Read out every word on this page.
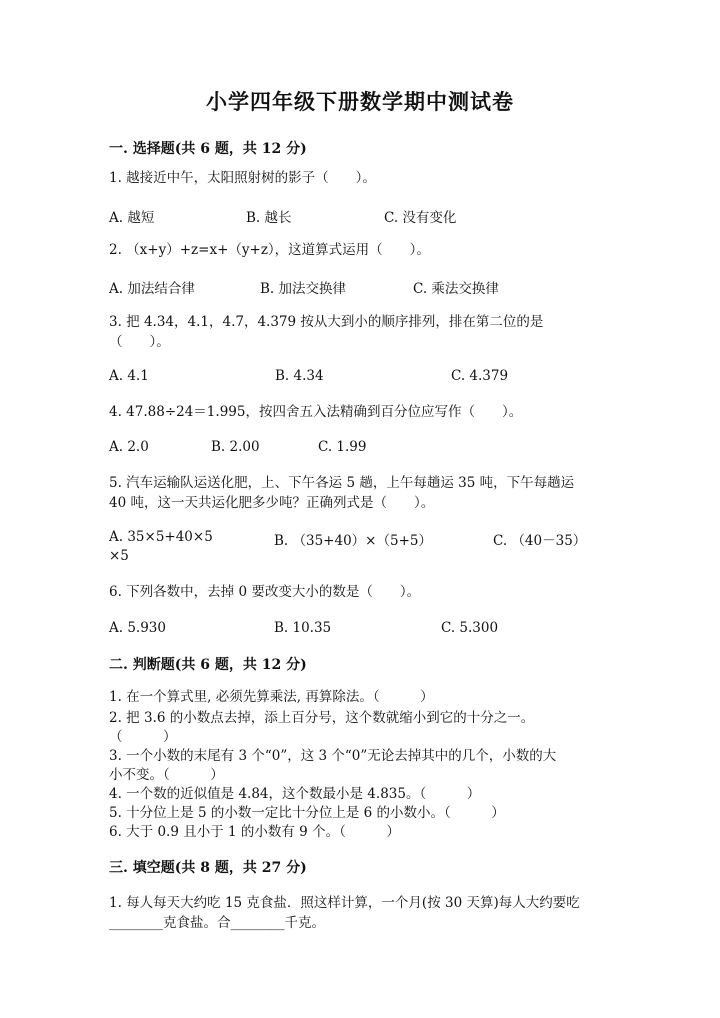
小学四年级下册数学期中测试卷
一. 选择题(共 6 题，共 12 分)
1. 越接近中午，太阳照射树的影子（　　）。
A. 越短	B. 越长	C. 没有变化
2. （x+y）+z=x+（y+z），这道算式运用（　　）。
A. 加法结合律	B. 加法交换律	C. 乘法交换律
3. 把 4.34，4.1，4.7，4.379 按从大到小的顺序排列，排在第二位的是
（　　）。
A. 4.1	B. 4.34	C. 4.379
4. 47.88÷24＝1.995，按四舍五入法精确到百分位应写作（　　）。
A. 2.0	B. 2.00	C. 1.99
5. 汽车运输队运送化肥，上、下午各运 5 趟，上午每趟运 35 吨，下午每趟运
40 吨，这一天共运化肥多少吨？正确列式是（　　）。
A. 35×5+40×5	B. （35+40）×（5+5）	C. （40－35）
×5
6. 下列各数中，去掉 0 要改变大小的数是（　　）。
A. 5.930	B. 10.35	C. 5.300
二. 判断题(共 6 题，共 12 分)
1. 在一个算式里, 必须先算乘法, 再算除法。（　　　）
2. 把 3.6 的小数点去掉，添上百分号，这个数就缩小到它的十分之一。
（　　　）
3. 一个小数的末尾有 3 个“0”，这 3 个“0”无论去掉其中的几个，小数的大
小不变。（　　　）
4. 一个数的近似值是 4.84，这个数最小是 4.835。（　　　）
5. 十分位上是 5 的小数一定比十分位上是 6 的小数小。（　　　）
6. 大于 0.9 且小于 1 的小数有 9 个。（　　　）
三. 填空题(共 8 题，共 27 分)
1. 每人每天大约吃 15 克食盐．照这样计算，一个月(按 30 天算)每人大约要吃
________克食盐。合________千克。
